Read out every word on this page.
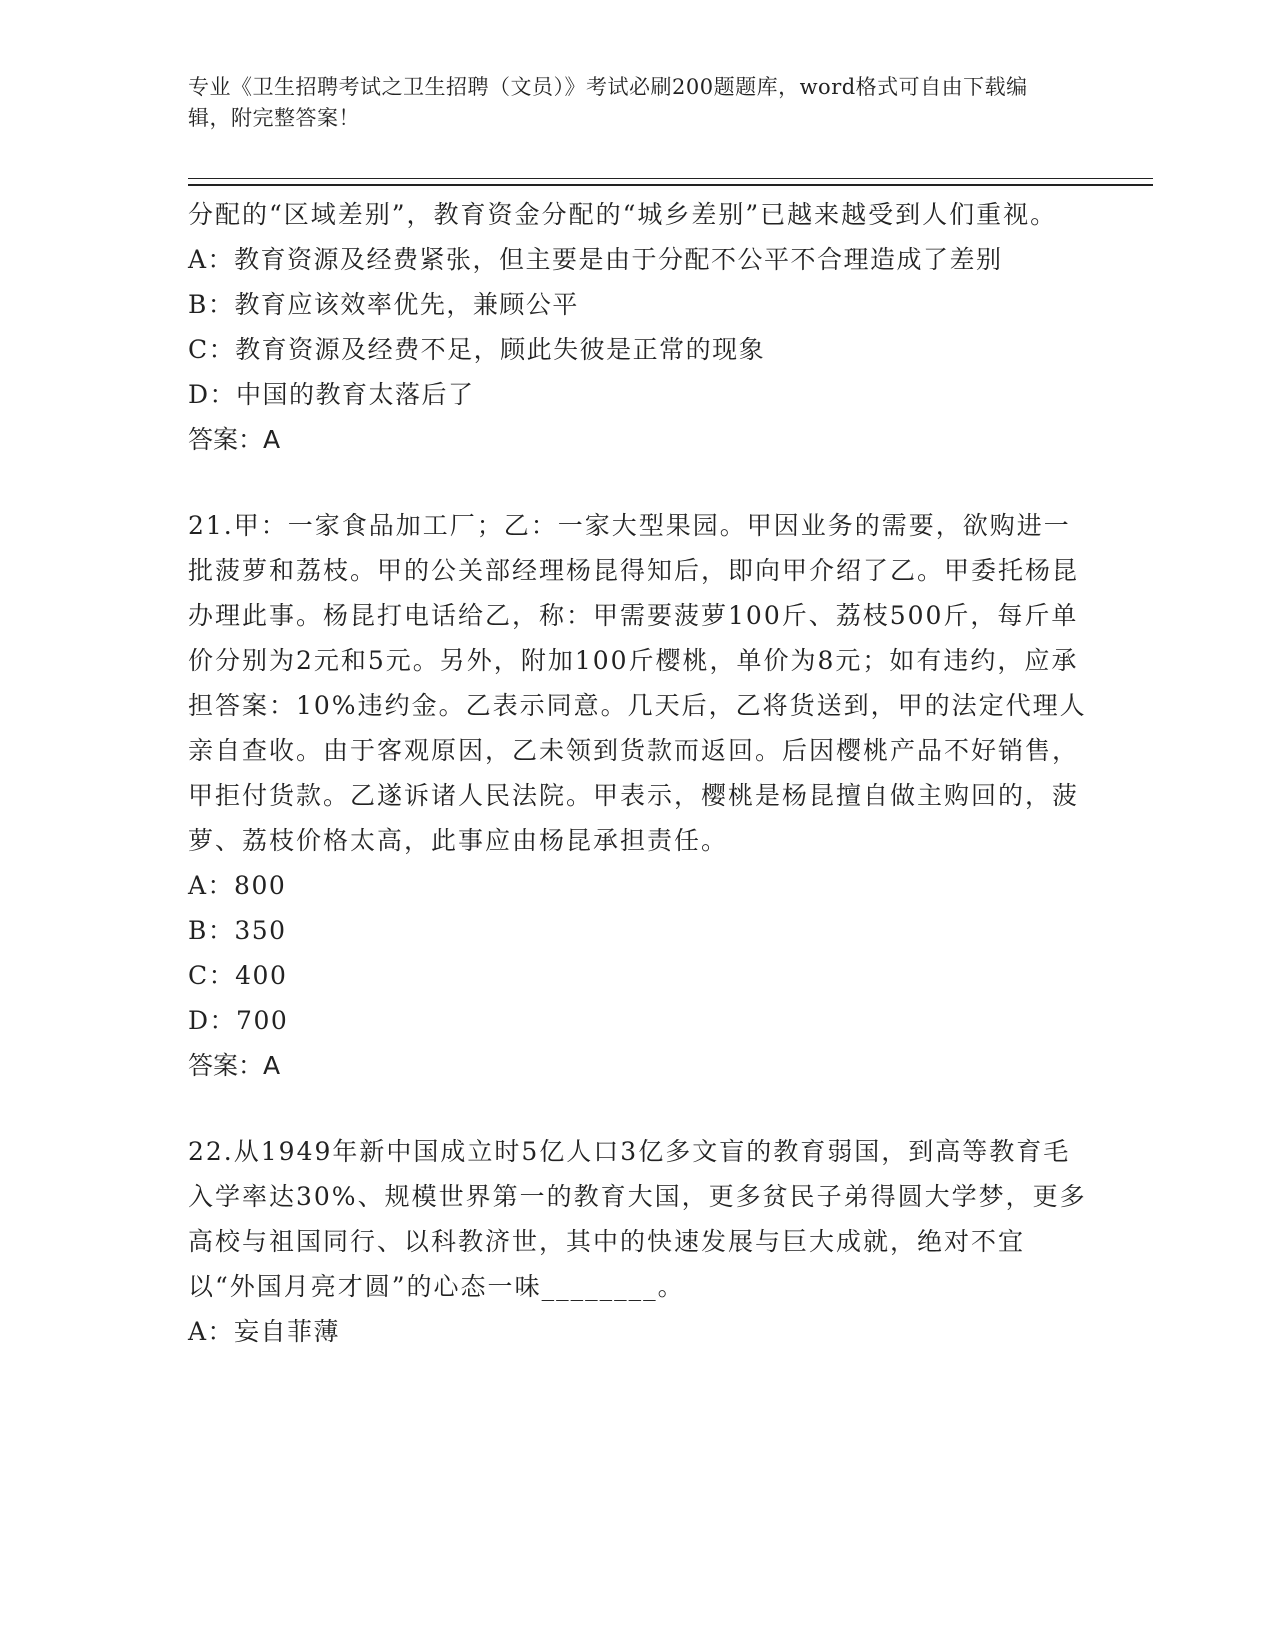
专业《卫生招聘考试之卫生招聘（文员）》考试必刷200题题库，word格式可自由下载编辑，附完整答案！

分配的“区域差别”，教育资金分配的“城乡差别”已越来越受到人们重视。

A：教育资源及经费紧张，但主要是由于分配不公平不合理造成了差别

B：教育应该效率优先，兼顾公平

C：教育资源及经费不足，顾此失彼是正常的现象

D：中国的教育太落后了

答案：A

21.甲：一家食品加工厂；乙：一家大型果园。甲因业务的需要，欲购进一批菠萝和荔枝。甲的公关部经理杨昆得知后，即向甲介绍了乙。甲委托杨昆办理此事。杨昆打电话给乙，称：甲需要菠萝100斤、荔枝500斤，每斤单价分别为2元和5元。另外，附加100斤樱桃，单价为8元；如有违约，应承担答案：10%违约金。乙表示同意。几天后，乙将货送到，甲的法定代理人亲自查收。由于客观原因，乙未领到货款而返回。后因樱桃产品不好销售，甲拒付货款。乙遂诉诸人民法院。甲表示，樱桃是杨昆擅自做主购回的，菠萝、荔枝价格太高，此事应由杨昆承担责任。

A：800

B：350

C：400

D：700

答案：A

22.从1949年新中国成立时5亿人口3亿多文盲的教育弱国，到高等教育毛入学率达30%、规模世界第一的教育大国，更多贫民子弟得圆大学梦，更多高校与祖国同行、以科教济世，其中的快速发展与巨大成就，绝对不宜以“外国月亮才圆”的心态一味________。

A：妄自菲薄
